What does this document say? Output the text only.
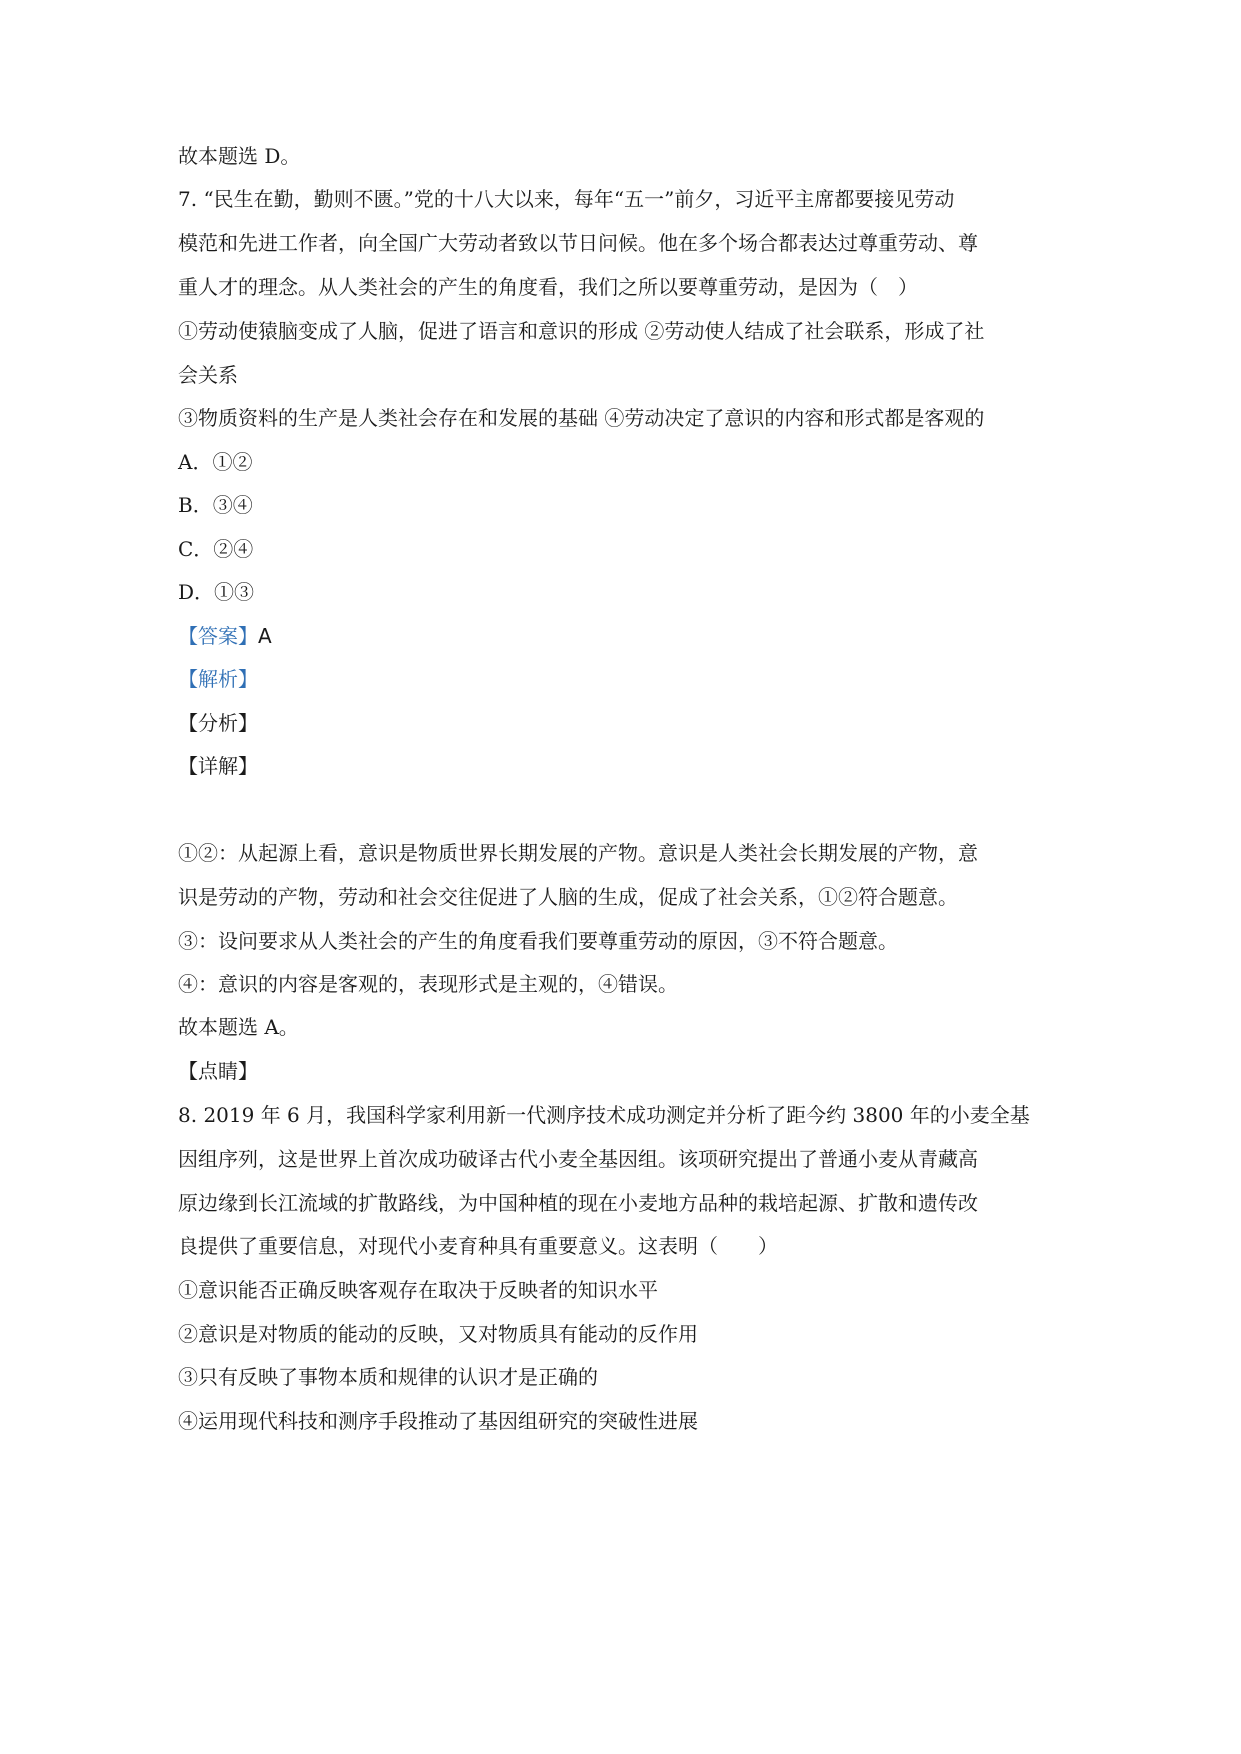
故本题选 D。
7. “民生在勤，勤则不匮。”党的十八大以来，每年“五一”前夕，习近平主席都要接见劳动
模范和先进工作者，向全国广大劳动者致以节日问候。他在多个场合都表达过尊重劳动、尊
重人才的理念。从人类社会的产生的角度看，我们之所以要尊重劳动，是因为（　）
①劳动使猿脑变成了人脑，促进了语言和意识的形成 ②劳动使人结成了社会联系，形成了社
会关系
③物质资料的生产是人类社会存在和发展的基础 ④劳动决定了意识的内容和形式都是客观的
A．①②
B．③④
C．②④
D．①③
【答案】A
【解析】
【分析】
【详解】
①②：从起源上看，意识是物质世界长期发展的产物。意识是人类社会长期发展的产物，意
识是劳动的产物，劳动和社会交往促进了人脑的生成，促成了社会关系，①②符合题意。
③：设问要求从人类社会的产生的角度看我们要尊重劳动的原因，③不符合题意。
④：意识的内容是客观的，表现形式是主观的，④错误。
故本题选 A。
【点睛】
8. 2019 年 6 月，我国科学家利用新一代测序技术成功测定并分析了距今约 3800 年的小麦全基
因组序列，这是世界上首次成功破译古代小麦全基因组。该项研究提出了普通小麦从青藏高
原边缘到长江流域的扩散路线，为中国种植的现在小麦地方品种的栽培起源、扩散和遗传改
良提供了重要信息，对现代小麦育种具有重要意义。这表明（　　）
①意识能否正确反映客观存在取决于反映者的知识水平
②意识是对物质的能动的反映，又对物质具有能动的反作用
③只有反映了事物本质和规律的认识才是正确的
④运用现代科技和测序手段推动了基因组研究的突破性进展
